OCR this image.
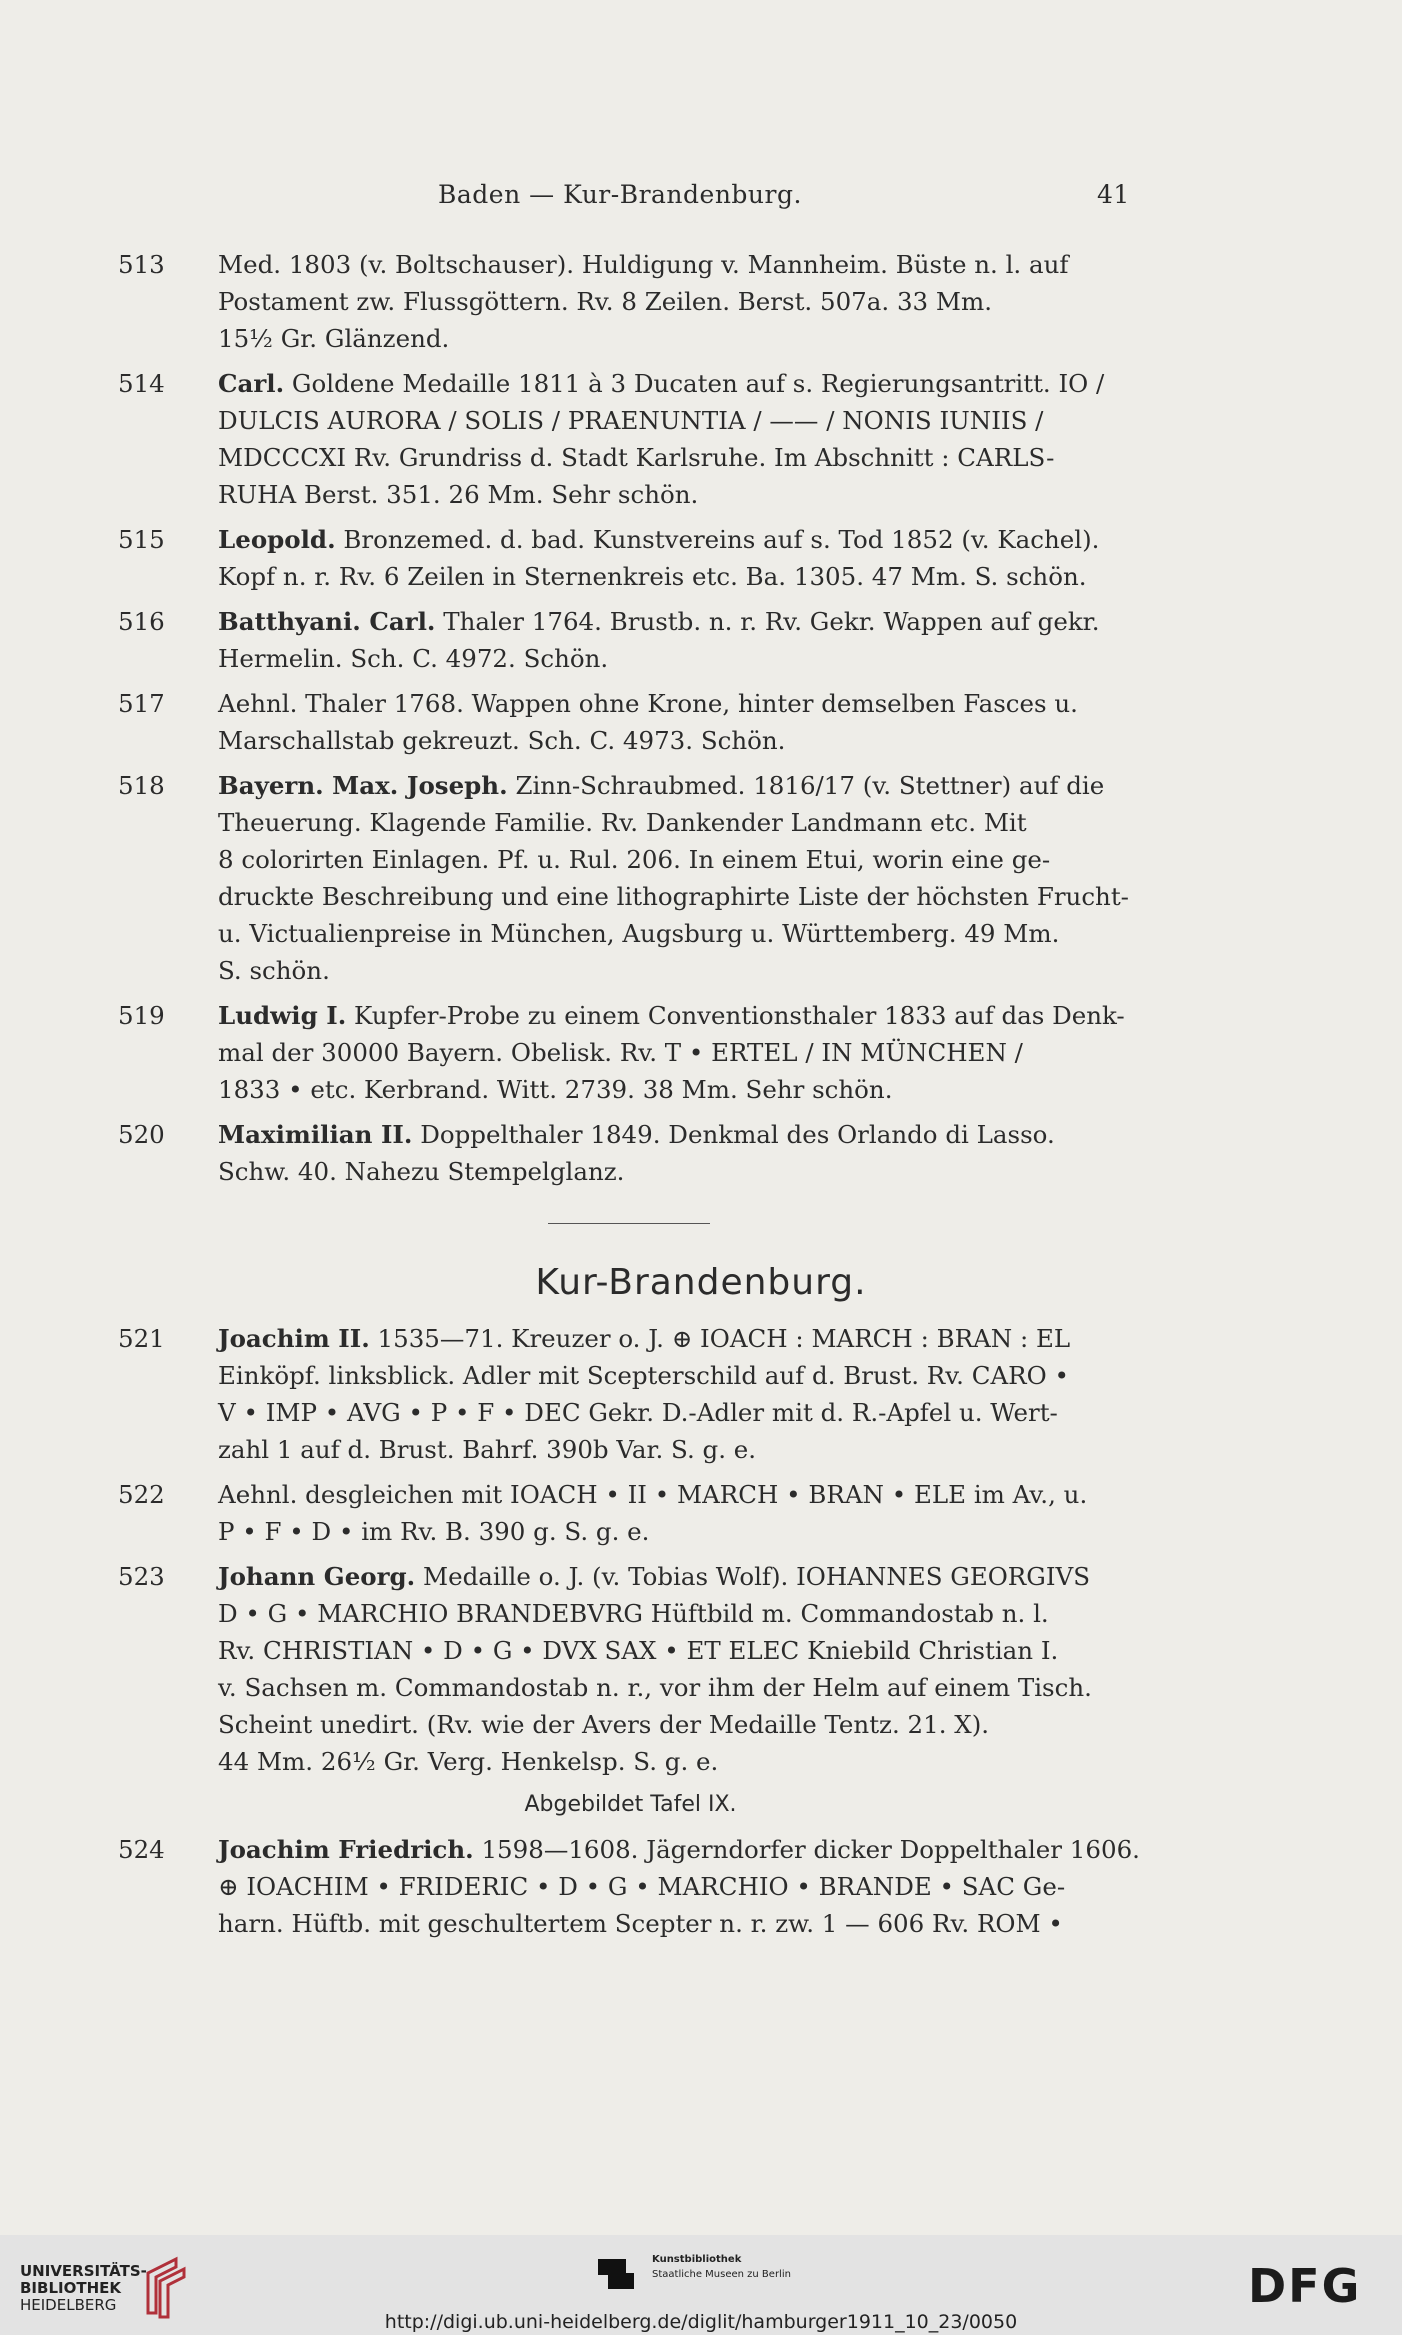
Baden — Kur-Brandenburg.	41
513 Med. 1803 (v. Boltschauser). Huldigung v. Mannheim. Büste n. l. auf
Postament zw. Flussgöttern. Rv. 8 Zeilen. Berst. 507a. 33 Mm.
15½ Gr. Glänzend.
514 Carl. Goldene Medaille 1811 à 3 Ducaten auf s. Regierungsantritt. IO /
DULCIS AURORA / SOLIS / PRAENUNTIA / —— / NONIS IUNIIS /
MDCCCXI Rv. Grundriss d. Stadt Karlsruhe. Im Abschnitt : CARLS-
RUHA Berst. 351. 26 Mm. Sehr schön.
515 Leopold. Bronzemed. d. bad. Kunstvereins auf s. Tod 1852 (v. Kachel).
Kopf n. r. Rv. 6 Zeilen in Sternenkreis etc. Ba. 1305. 47 Mm. S. schön.
516 Batthyani. Carl. Thaler 1764. Brustb. n. r. Rv. Gekr. Wappen auf gekr.
Hermelin. Sch. C. 4972. Schön.
517 Aehnl. Thaler 1768. Wappen ohne Krone, hinter demselben Fasces u.
Marschallstab gekreuzt. Sch. C. 4973. Schön.
518 Bayern. Max. Joseph. Zinn-Schraubmed. 1816/17 (v. Stettner) auf die
Theuerung. Klagende Familie. Rv. Dankender Landmann etc. Mit
8 colorirten Einlagen. Pf. u. Rul. 206. In einem Etui, worin eine ge-
druckte Beschreibung und eine lithographirte Liste der höchsten Frucht-
u. Victualienpreise in München, Augsburg u. Württemberg. 49 Mm.
S. schön.
519 Ludwig I. Kupfer-Probe zu einem Conventionsthaler 1833 auf das Denk-
mal der 30000 Bayern. Obelisk. Rv. T • ERTEL / IN MÜNCHEN /
1833 • etc. Kerbrand. Witt. 2739. 38 Mm. Sehr schön.
520 Maximilian II. Doppelthaler 1849. Denkmal des Orlando di Lasso.
Schw. 40. Nahezu Stempelglanz.
Kur-Brandenburg.
521 Joachim II. 1535—71. Kreuzer o. J. ⊕ IOACH : MARCH : BRAN : EL
Einköpf. linksblick. Adler mit Scepterschild auf d. Brust. Rv. CARO •
V • IMP • AVG • P • F • DEC Gekr. D.-Adler mit d. R.-Apfel u. Wert-
zahl 1 auf d. Brust. Bahrf. 390b Var. S. g. e.
522 Aehnl. desgleichen mit IOACH • II • MARCH • BRAN • ELE im Av., u.
P • F • D • im Rv. B. 390 g. S. g. e.
523 Johann Georg. Medaille o. J. (v. Tobias Wolf). IOHANNES GEORGIVS
D • G • MARCHIO BRANDEBVRG Hüftbild m. Commandostab n. l.
Rv. CHRISTIAN • D • G • DVX SAX • ET ELEC Kniebild Christian I.
v. Sachsen m. Commandostab n. r., vor ihm der Helm auf einem Tisch.
Scheint unedirt. (Rv. wie der Avers der Medaille Tentz. 21. X).
44 Mm. 26½ Gr. Verg. Henkelsp. S. g. e.
Abgebildet Tafel IX.
524 Joachim Friedrich. 1598—1608. Jägerndorfer dicker Doppelthaler 1606.
⊕ IOACHIM • FRIDERIC • D • G • MARCHIO • BRANDE • SAC Ge-
harn. Hüftb. mit geschultertem Scepter n. r. zw. 1 — 606 Rv. ROM •
UNIVERSITÄTS-
BIBLIOTHEK
HEIDELBERG
Kunstbibliothek
Staatliche Museen zu Berlin	DFG
http://digi.ub.uni-heidelberg.de/diglit/hamburger1911_10_23/0050
